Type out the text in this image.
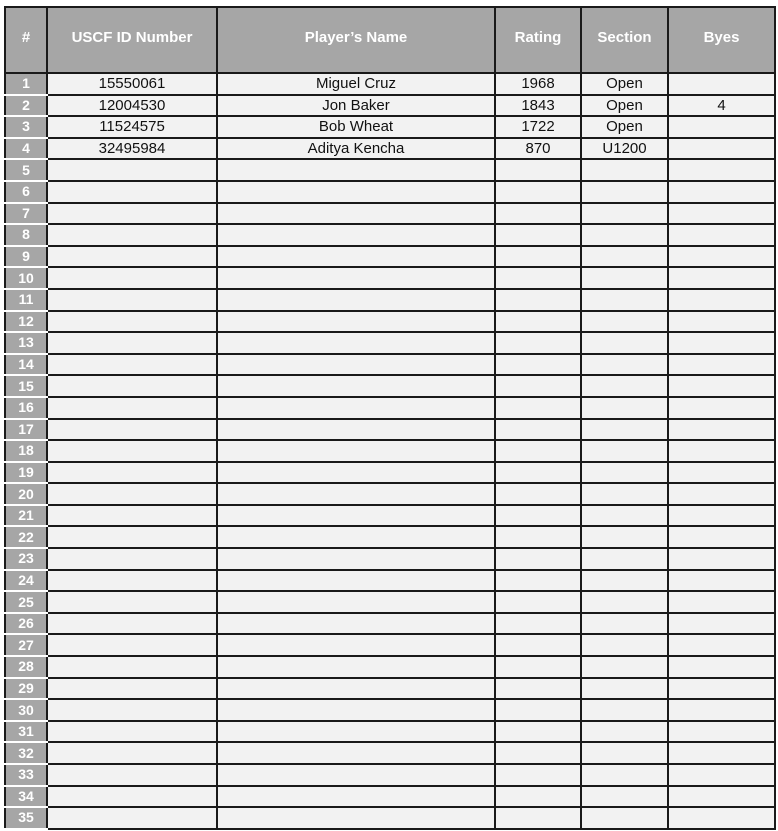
#	USCF ID Number	Player’s Name	Rating	Section	Byes
1	15550061	Miguel Cruz	1968	Open	
2	12004530	Jon Baker	1843	Open	4
3	11524575	Bob Wheat	1722	Open	
4	32495984	Aditya Kencha	870	U1200	
5					
6					
7					
8					
9					
10					
11					
12					
13					
14					
15					
16					
17					
18					
19					
20					
21					
22					
23					
24					
25					
26					
27					
28					
29					
30					
31					
32					
33					
34					
35					
